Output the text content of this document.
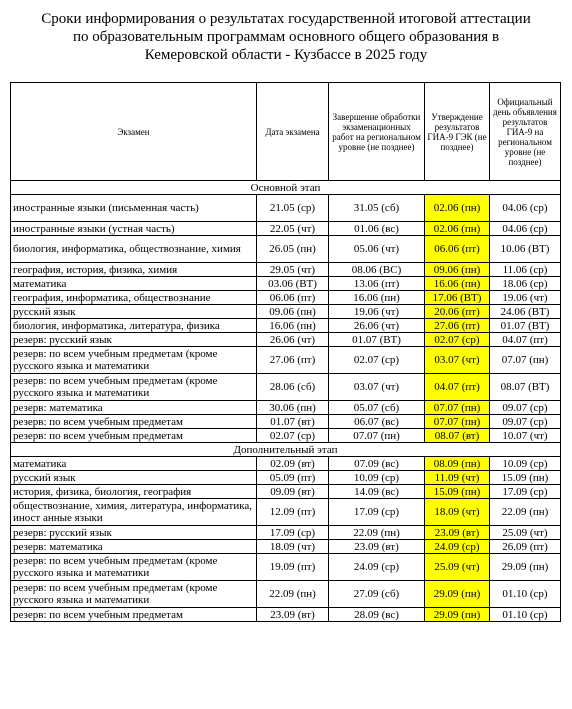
Сроки информирования о результатах государственной итоговой аттестации
по образовательным программам основного общего образования в
Кемеровской области - Кузбассе в 2025 году
Экзамен	Дата экзамена	Завершение обработки экзаменационных работ на региональном уровне (не позднее)	Утверждение результатов ГИА-9 ГЭК (не позднее)	Официальный день объявления результатов ГИА-9 на региональном уровне (не позднее)
Основной этап				
иностранные языки (письменная часть)	21.05 (ср)	31.05 (сб)	02.06 (пн)	04.06 (ср)
иностранные языки (устная часть)	22.05 (чт)	01.06 (вс)	02.06 (пн)	04.06 (ср)
биология, информатика, обществознание, химия	26.05 (пн)	05.06 (чт)	06.06 (пт)	10.06 (ВТ)
география, история, физика, химия	29.05 (чт)	08.06 (ВС)	09.06 (пн)	11.06 (ср)
математика	03.06 (ВТ)	13.06 (пт)	16.06 (пн)	18.06 (ср)
география, информатика, обществознание	06.06 (пт)	16.06 (пн)	17.06 (ВТ)	19.06 (чт)
русский язык	09.06 (пн)	19.06 (чт)	20.06 (пт)	24.06 (ВТ)
биология, информатика, литература, физика	16.06 (пн)	26.06 (чт)	27.06 (пт)	01.07 (ВТ)
резерв: русский язык	26.06 (чт)	01.07 (ВТ)	02.07 (ср)	04.07 (пт)
резерв: по всем учебным предметам (кроме русского языка и математики	27.06 (пт)	02.07 (ср)	03.07 (чт)	07.07 (пн)
резерв: по всем учебным предметам (кроме русского языка и математики	28.06 (сб)	03.07 (чт)	04.07 (пт)	08.07 (ВТ)
резерв: математика	30.06 (пн)	05.07 (сб)	07.07 (пн)	09.07 (ср)
резерв: по всем учебным предметам	01.07 (вт)	06.07 (вс)	07.07 (пн)	09.07 (ср)
резерв: по всем учебным предметам	02.07 (ср)	07.07 (пн)	08.07 (вт)	10.07 (чт)
Дополнительный этап				
математика	02.09 (вт)	07.09 (вс)	08.09 (пн)	10.09 (ср)
русский язык	05.09 (пт)	10.09 (ср)	11.09 (чт)	15.09 (пн)
история, физика, биология, география	09.09 (вт)	14.09 (вс)	15.09 (пн)	17.09 (ср)
обществознание, химия, литература, информатика, иност анные языки	12.09 (пт)	17.09 (ср)	18.09 (чт)	22.09 (пн)
резерв: русский язык	17.09 (ср)	22.09 (пн)	23.09 (вт)	25.09 (чт)
резерв: математика	18.09 (чт)	23.09 (вт)	24.09 (ср)	26.09 (пт)
резерв: по всем учебным предметам (кроме русского языка и математики	19.09 (пт)	24.09 (ср)	25.09 (чт)	29.09 (пн)
резерв: по всем учебным предметам (кроме русского языка и математики	22.09 (пн)	27.09 (сб)	29.09 (пн)	01.10 (ср)
резерв: по всем учебным предметам	23.09 (вт)	28.09 (вс)	29.09 (пн)	01.10 (ср)
